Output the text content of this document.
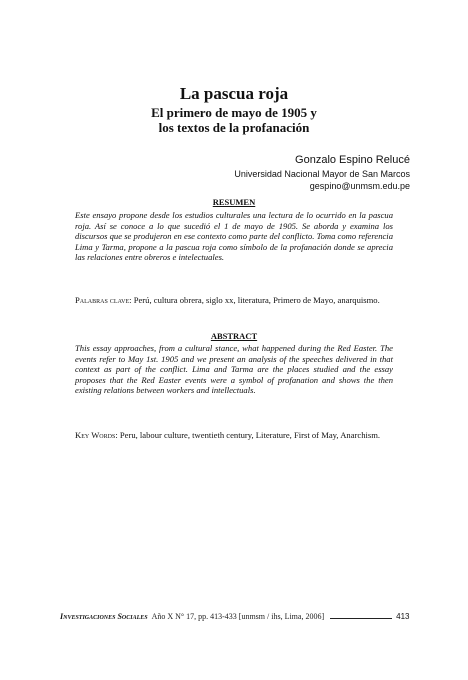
La pascua roja
El primero de mayo de 1905 y
los textos de la profanación
Gonzalo Espino Relucé
Universidad Nacional Mayor de San Marcos
gespino@unmsm.edu.pe
RESUMEN
Este ensayo propone desde los estudios culturales una lectura de lo ocurrido en la pascua roja. Así se conoce a lo que sucedió el 1 de mayo de 1905. Se aborda y examina los discursos que se produjeron en ese contexto como parte del conflicto. Toma como referencia Lima y Tarma, propone a la pascua roja como símbolo de la profanación donde se aprecia las relaciones entre obreros e intelectuales.
Palabras clave: Perú, cultura obrera, siglo xx, literatura, Primero de Mayo, anarquismo.
ABSTRACT
This essay approaches, from a cultural stance, what happened during the Red Easter. The events refer to May 1st. 1905 and we present an analysis of the speeches delivered in that context as part of the conflict. Lima and Tarma are the places studied and the essay proposes that the Red Easter events were a symbol of profanation and shows the then existing relations between workers and intellectuals.
Key Words: Peru, labour culture, twentieth century, Literature, First of May, Anarchism.
Investigaciones Sociales Año X N° 17, pp. 413-433 [unmsm / ihs, Lima, 2006]	413
